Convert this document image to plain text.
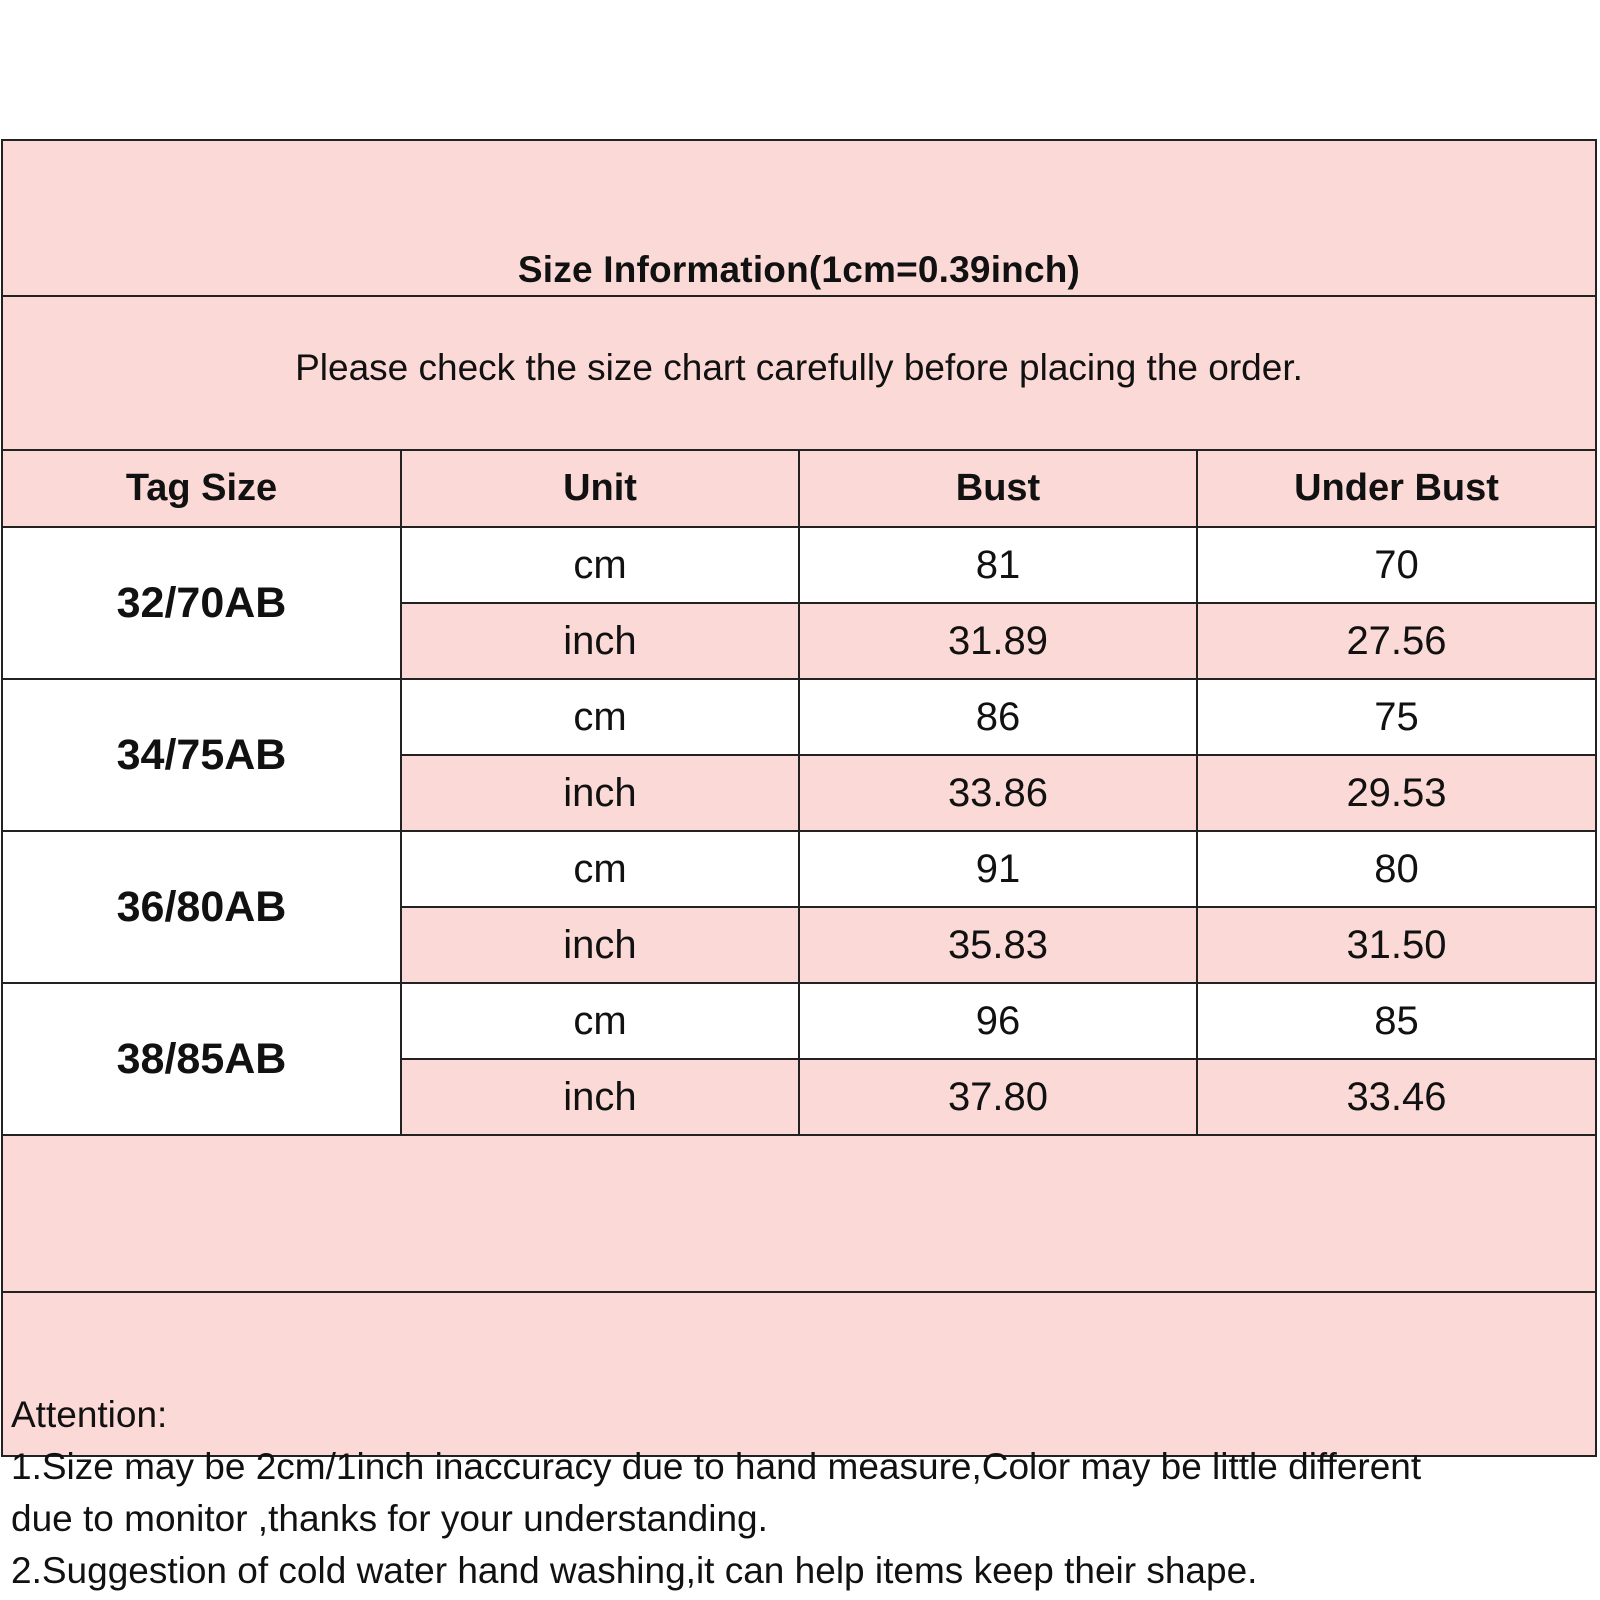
Size Information(1cm=0.39inch)
Please check the size chart carefully before placing the order.
Tag Size	Unit	Bust	Under Bust
32/70AB	cm	81	70
	inch	31.89	27.56
34/75AB	cm	86	75
	inch	33.86	29.53
36/80AB	cm	91	80
	inch	35.83	31.50
38/85AB	cm	96	85
	inch	37.80	33.46
Attention:
1.Size may be 2cm/1inch inaccuracy due to hand measure,Color may be little different
due to monitor ,thanks for your understanding.
2.Suggestion of cold water hand washing,it can help items keep their shape.
